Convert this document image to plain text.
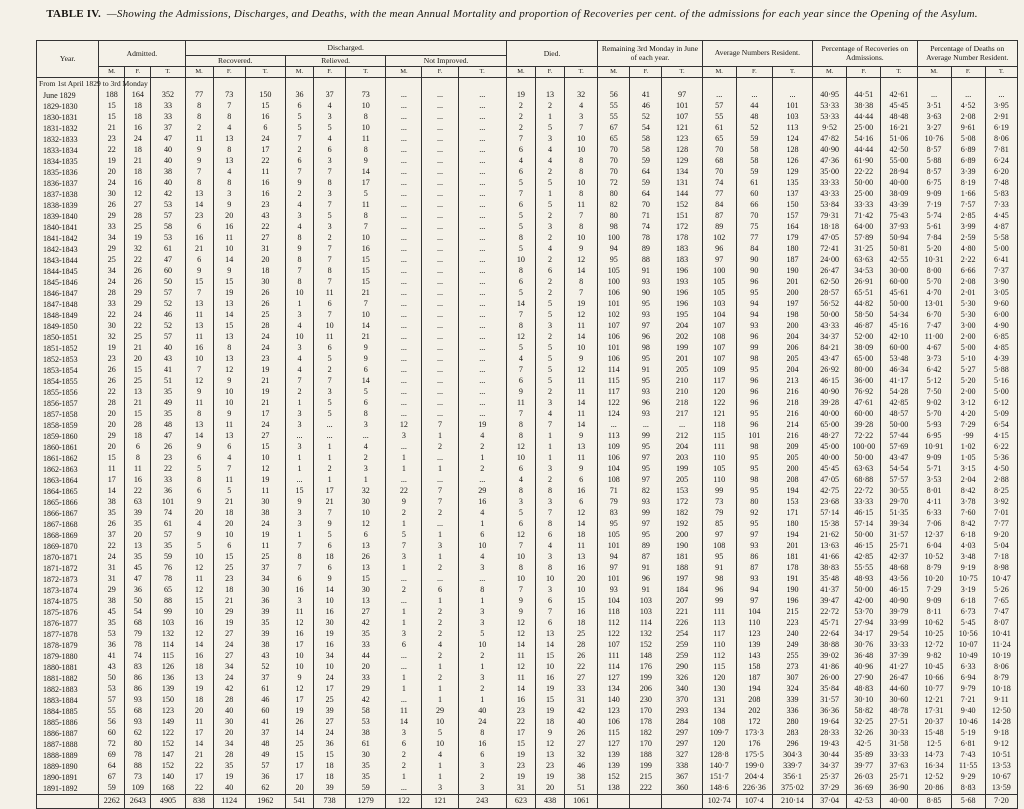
TABLE IV. —Showing the Admissions, Discharges, and Deaths, with the mean Annual Mortality and proportion of Recoveries per cent. of the admissions for each year since the Opening of the Asylum.
Year.	Admitted.			Discharged.									Died.			Remaining 3rd Monday in June of each year.			Average Numbers Resident.			Percentage of Recoveries on Admissions.			Percentage of Deaths on Average Number Resident.		
				Recovered.			Relieved.			Not Improved.																	
	M.	F.	T.	M.	F.	T.	M.	F.	T.	M.	F.	T.	M.	F.	T.	M.	F.	T.	M.	F.	T.	M.	F.	T.	M.	F.	T.
From 1st April 1829 to 3rd Monday																											
June 1829	188	164	352	77	73	150	36	37	73	...	...	...	19	13	32	56	41	97	...	...	...	40·95	44·51	42·61	...	...	...
1829-1830	15	18	33	8	7	15	6	4	10	...	...	...	2	2	4	55	46	101	57	44	101	53·33	38·38	45·45	3·51	4·52	3·95
1830-1831	15	18	33	8	8	16	5	3	8	...	...	...	2	1	3	55	52	107	55	48	103	53·33	44·44	48·48	3·63	2·08	2·91
1831-1832	21	16	37	2	4	6	5	5	10	...	...	...	2	5	7	67	54	121	61	52	113	9·52	25·00	16·21	3·27	9·61	6·19
1832-1833	23	24	47	11	13	24	7	4	11	...	...	...	7	3	10	65	58	123	65	59	124	47·82	54·16	51·06	10·76	5·08	8·06
1833-1834	22	18	40	9	8	17	2	6	8	...	...	...	6	4	10	70	58	128	70	58	128	40·90	44·44	42·50	8·57	6·89	7·81
1834-1835	19	21	40	9	13	22	6	3	9	...	...	...	4	4	8	70	59	129	68	58	126	47·36	61·90	55·00	5·88	6·89	6·24
1835-1836	20	18	38	7	4	11	7	7	14	...	...	...	6	2	8	70	64	134	70	59	129	35·00	22·22	28·94	8·57	3·39	6·20
1836-1837	24	16	40	8	8	16	9	8	17	...	...	...	5	5	10	72	59	131	74	61	135	33·33	50·00	40·00	6·75	8·19	7·48
1837-1838	30	12	42	13	3	16	2	3	5	...	...	...	7	1	8	80	64	144	77	60	137	43·33	25·00	38·09	9·09	1·66	5·83
1838-1839	26	27	53	14	9	23	4	7	11	...	...	...	6	5	11	82	70	152	84	66	150	53·84	33·33	43·39	7·19	7·57	7·33
1839-1840	29	28	57	23	20	43	3	5	8	...	...	...	5	2	7	80	71	151	87	70	157	79·31	71·42	75·43	5·74	2·85	4·45
1840-1841	33	25	58	6	16	22	4	3	7	...	...	...	5	3	8	98	74	172	89	75	164	18·18	64·00	37·93	5·61	3·99	4·87
1841-1842	34	19	53	16	11	27	8	2	10	...	...	...	8	2	10	100	78	178	102	77	179	47·05	57·89	50·94	7·84	2·59	5·58
1842-1843	29	32	61	21	10	31	9	7	16	...	...	...	5	4	9	94	89	183	96	84	180	72·41	31·25	50·81	5·20	4·80	5·00
1843-1844	25	22	47	6	14	20	8	7	15	...	...	...	10	2	12	95	88	183	97	90	187	24·00	63·63	42·55	10·31	2·22	6·41
1844-1845	34	26	60	9	9	18	7	8	15	...	...	...	8	6	14	105	91	196	100	90	190	26·47	34·53	30·00	8·00	6·66	7·37
1845-1846	24	26	50	15	15	30	8	7	15	...	...	...	6	2	8	100	93	193	105	96	201	62·50	26·91	60·00	5·70	2·08	3·90
1846-1847	28	29	57	7	19	26	10	11	21	...	...	...	5	2	7	106	90	196	105	95	200	28·57	65·51	45·61	4·70	2·01	3·05
1847-1848	33	29	52	13	13	26	1	6	7	...	...	...	14	5	19	101	95	196	103	94	197	56·52	44·82	50·00	13·01	5·30	9·60
1848-1849	22	24	46	11	14	25	3	7	10	...	...	...	7	5	12	102	93	195	104	94	198	50·00	58·50	54·34	6·70	5·30	6·00
1849-1850	30	22	52	13	15	28	4	10	14	...	...	...	8	3	11	107	97	204	107	93	200	43·33	46·87	45·16	7·47	3·00	4·90
1850-1851	32	25	57	11	13	24	10	11	21	...	...	...	12	2	14	106	96	202	108	96	204	34·37	52·00	42·10	11·00	2·00	6·85
1851-1852	19	21	40	16	8	24	3	6	9	...	...	...	5	5	10	101	98	199	107	99	206	84·21	38·09	60·00	4·67	5·00	4·85
1852-1853	23	20	43	10	13	23	4	5	9	...	...	...	4	5	9	106	95	201	107	98	205	43·47	65·00	53·48	3·73	5·10	4·39
1853-1854	26	15	41	7	12	19	4	2	6	...	...	...	7	5	12	114	91	205	109	95	204	26·92	80·00	46·34	6·42	5·27	5·88
1854-1855	26	25	51	12	9	21	7	7	14	...	...	...	6	5	11	115	95	210	117	96	213	46·15	36·00	41·17	5·12	5·20	5·16
1855-1856	22	13	35	9	10	19	2	3	5	...	...	...	9	2	11	117	93	210	120	96	216	40·90	76·92	54·28	7·50	2·00	5·00
1856-1857	28	21	49	11	10	21	1	5	6	...	...	...	11	3	14	122	96	218	122	96	218	39·28	47·61	42·85	9·02	3·12	6·12
1857-1858	20	15	35	8	9	17	3	5	8	...	...	...	7	4	11	124	93	217	121	95	216	40·00	60·00	48·57	5·70	4·20	5·09
1858-1859	20	28	48	13	11	24	3	...	3	12	7	19	8	7	14	...	...	...	118	96	214	65·00	39·28	50·00	5·93	7·29	6·54
1859-1860	29	18	47	14	13	27	...	...	...	3	1	4	8	1	9	113	99	212	115	101	216	48·27	72·22	57·44	6·95	·99	4·15
1860-1861	20	6	26	9	6	15	3	1	4	...	2	2	12	1	13	109	95	204	111	98	209	45·00	100·00	57·69	10·91	1·02	6·22
1861-1862	15	8	23	6	4	10	1	1	2	1	...	1	10	1	11	106	97	203	110	95	205	40·00	50·00	43·47	9·09	1·05	5·36
1862-1863	11	11	22	5	7	12	1	2	3	1	1	2	6	3	9	104	95	199	105	95	200	45·45	63·63	54·54	5·71	3·15	4·50
1863-1864	17	16	33	8	11	19	...	1	1	...	...	...	4	2	6	108	97	205	110	98	208	47·05	68·88	57·57	3·53	2·04	2·88
1864-1865	14	22	36	6	5	11	15	17	32	22	7	29	8	8	16	71	82	153	99	95	194	42·75	22·72	30·55	8·01	8·42	8·25
1865-1866	38	63	101	9	21	30	9	21	30	9	7	16	3	3	6	79	93	172	73	80	153	23·68	33·33	29·70	4·11	3·78	3·92
1866-1867	35	39	74	20	18	38	3	7	10	2	2	4	5	7	12	83	99	182	79	92	171	57·14	46·15	51·35	6·33	7·60	7·01
1867-1868	26	35	61	4	20	24	3	9	12	1	...	1	6	8	14	95	97	192	85	95	180	15·38	57·14	39·34	7·06	8·42	7·77
1868-1869	37	20	57	9	10	19	1	5	6	5	1	6	12	6	18	105	95	200	97	97	194	21·62	50·00	31·57	12·37	6·18	9·20
1869-1870	22	13	35	5	6	11	7	6	13	7	3	10	7	4	11	101	89	190	108	93	201	13·63	46·15	25·71	6·04	4·03	5·04
1870-1871	24	35	59	10	15	25	8	18	26	3	1	4	10	3	13	94	87	181	95	86	181	41·66	42·85	42·37	10·52	3·48	7·18
1871-1872	31	45	76	12	25	37	7	6	13	1	2	3	8	8	16	97	91	188	91	87	178	38·83	55·55	48·68	8·79	9·19	8·98
1872-1873	31	47	78	11	23	34	6	9	15	...	...	...	10	10	20	101	96	197	98	93	191	35·48	48·93	43·56	10·20	10·75	10·47
1873-1874	29	36	65	12	18	30	16	14	30	2	6	8	7	3	10	93	91	184	96	94	190	41·37	50·00	46·15	7·29	3·19	5·26
1874-1875	38	50	88	15	21	36	3	10	13	...	1	1	9	6	15	104	103	207	99	97	196	39·47	42·00	40·90	9·09	6·18	7·65
1875-1876	45	54	99	10	29	39	11	16	27	1	2	3	9	7	16	118	103	221	111	104	215	22·72	53·70	39·79	8·11	6·73	7·47
1876-1877	35	68	103	16	19	35	12	30	42	1	2	3	12	6	18	112	114	226	113	110	223	45·71	27·94	33·99	10·62	5·45	8·07
1877-1878	53	79	132	12	27	39	16	19	35	3	2	5	12	13	25	122	132	254	117	123	240	22·64	34·17	29·54	10·25	10·56	10·41
1878-1879	36	78	114	14	24	38	17	16	33	6	4	10	14	14	28	107	152	259	110	139	249	38·88	30·76	33·33	12·72	10·07	11·24
1879-1880	41	74	115	16	27	43	10	34	44	...	2	2	11	15	26	111	148	259	112	143	255	39·02	36·48	37·39	9·82	10·49	10·19
1880-1881	43	83	126	18	34	52	10	10	20	...	1	1	12	10	22	114	176	290	115	158	273	41·86	40·96	41·27	10·45	6·33	8·06
1881-1882	50	86	136	13	24	37	9	24	33	1	2	3	11	16	27	127	199	326	120	187	307	26·00	27·90	26·47	10·66	6·94	8·79
1882-1883	53	86	139	19	42	61	12	17	29	1	1	2	14	19	33	134	206	340	130	194	324	35·84	48·83	44·60	10·77	9·79	10·18
1883-1884	57	93	150	18	28	46	17	25	42	...	1	1	16	15	31	140	230	370	131	208	339	31·57	30·10	30·60	12·21	7·21	9·11
1884-1885	55	68	123	20	40	60	19	39	58	11	29	40	23	19	42	123	170	293	134	202	336	36·36	58·82	48·78	17·31	9·40	12·50
1885-1886	56	93	149	11	30	41	26	27	53	14	10	24	22	18	40	106	178	284	108	172	280	19·64	32·25	27·51	20·37	10·46	14·28
1886-1887	60	62	122	17	20	37	14	24	38	3	5	8	17	9	26	115	182	297	109·7	173·3	283	28·33	32·26	30·33	15·48	5·19	9·18
1887-1888	72	80	152	14	34	48	25	36	61	6	10	16	15	12	27	127	170	297	120	176	296	19·43	42·5	31·58	12·5	6·81	9·12
1888-1889	69	78	147	21	28	49	15	15	30	2	4	6	19	13	32	139	188	327	128·8	175·5	304·3	30·44	35·89	33·33	14·73	7·43	10·51
1889-1890	64	88	152	22	35	57	17	18	35	2	1	3	23	23	46	139	199	338	140·7	199·0	339·7	34·37	39·77	37·63	16·34	11·55	13·53
1890-1891	67	73	140	17	19	36	17	18	35	1	1	2	19	19	38	152	215	367	151·7	204·4	356·1	25·37	26·03	25·71	12·52	9·29	10·67
1891-1892	59	109	168	22	40	62	20	39	59	...	3	3	31	20	51	138	222	360	148·6	226·36	375·02	37·29	36·69	36·90	20·86	8·83	13·59
	2262	2643	4905	838	1124	1962	541	738	1279	122	121	243	623	438	1061				102·74	107·4	210·14	37·04	42·53	40·00	8·85	5·68	7·20
